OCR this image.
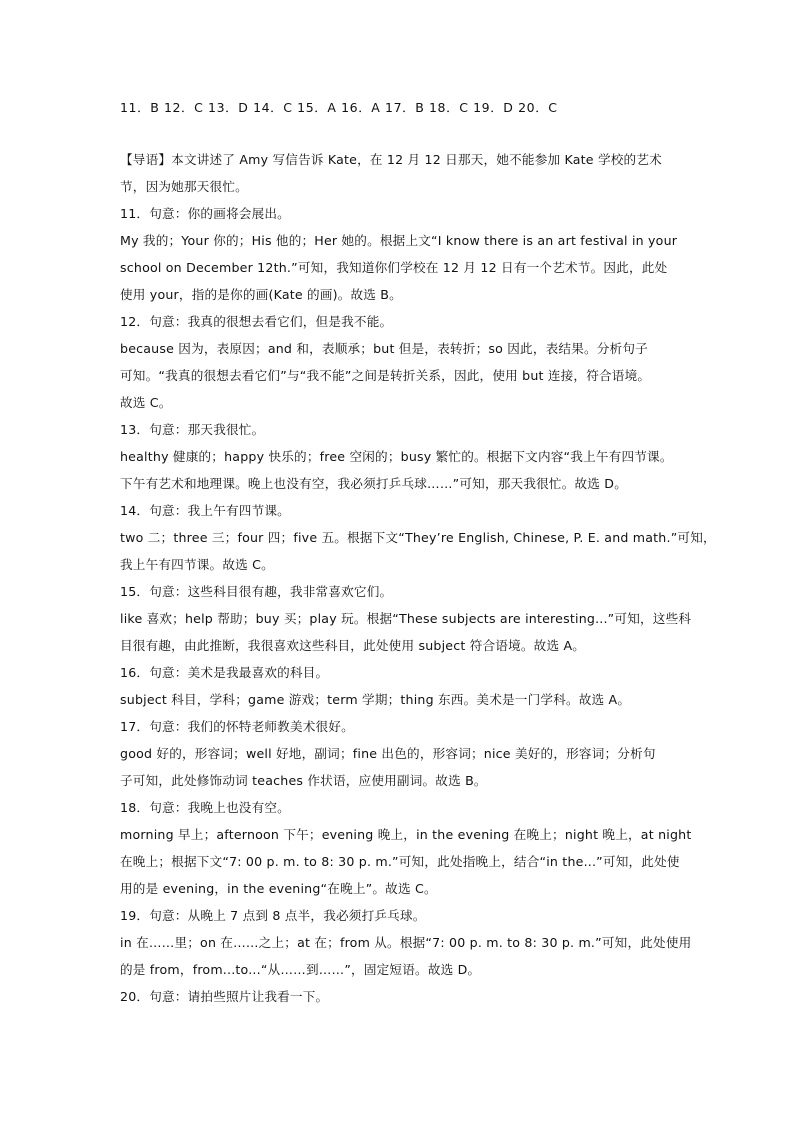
11．B 12．C 13．D 14．C 15．A 16．A 17．B 18．C 19．D 20．C
【导语】本文讲述了 Amy 写信告诉 Kate，在 12 月 12 日那天，她不能参加 Kate 学校的艺术
节，因为她那天很忙。
11．句意：你的画将会展出。
My 我的；Your 你的；His 他的；Her 她的。根据上文“I know there is an art festival in your
school on December 12th.”可知，我知道你们学校在 12 月 12 日有一个艺术节。因此，此处
使用 your，指的是你的画(Kate 的画)。故选 B。
12．句意：我真的很想去看它们，但是我不能。
because 因为，表原因；and 和，表顺承；but 但是，表转折；so 因此，表结果。分析句子
可知。“我真的很想去看它们”与“我不能”之间是转折关系，因此，使用 but 连接，符合语境。
故选 C。
13．句意：那天我很忙。
healthy 健康的；happy 快乐的；free 空闲的；busy 繁忙的。根据下文内容“我上午有四节课。
下午有艺术和地理课。晚上也没有空，我必须打乒乓球……”可知，那天我很忙。故选 D。
14．句意：我上午有四节课。
two 二；three 三；four 四；five 五。根据下文“They’re English, Chinese, P. E. and math.”可知，
我上午有四节课。故选 C。
15．句意：这些科目很有趣，我非常喜欢它们。
like 喜欢；help 帮助；buy 买；play 玩。根据“These subjects are interesting...”可知，这些科
目很有趣，由此推断，我很喜欢这些科目，此处使用 subject 符合语境。故选 A。
16．句意：美术是我最喜欢的科目。
subject 科目，学科；game 游戏；term 学期；thing 东西。美术是一门学科。故选 A。
17．句意：我们的怀特老师教美术很好。
good 好的，形容词；well 好地，副词；fine 出色的，形容词；nice 美好的，形容词；分析句
子可知，此处修饰动词 teaches 作状语，应使用副词。故选 B。
18．句意：我晚上也没有空。
morning 早上；afternoon 下午；evening 晚上，in the evening 在晚上；night 晚上，at night
在晚上；根据下文“7: 00 p. m. to 8: 30 p. m.”可知，此处指晚上，结合“in the...”可知，此处使
用的是 evening，in the evening“在晚上”。故选 C。
19．句意：从晚上 7 点到 8 点半，我必须打乒乓球。
in 在……里；on 在……之上；at 在；from 从。根据“7: 00 p. m. to 8: 30 p. m.”可知，此处使用
的是 from，from...to...“从……到……”，固定短语。故选 D。
20．句意：请拍些照片让我看一下。
